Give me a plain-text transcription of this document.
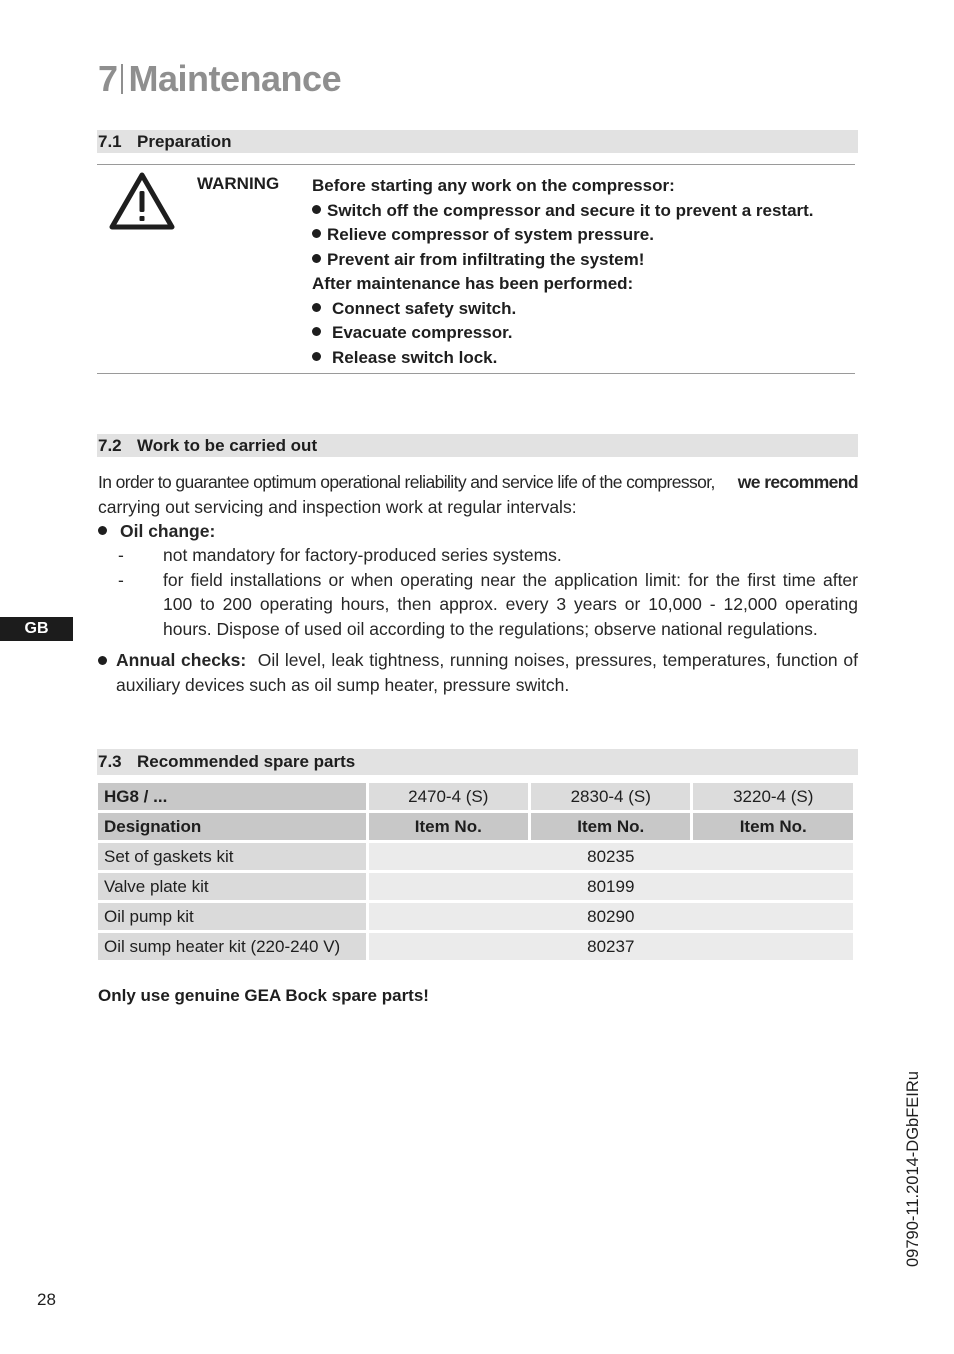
7 Maintenance
7.1 Preparation
WARNING Before starting any work on the compressor:
Switch off the compressor and secure it to prevent a restart.
Relieve compressor of system pressure.
Prevent air from infiltrating the system!
After maintenance has been performed:
Connect safety switch.
Evacuate compressor.
Release switch lock.
7.2 Work to be carried out
In order to guarantee optimum operational reliability and service life of the compressor, we recommend
carrying out servicing and inspection work at regular intervals:
Oil change:
- not mandatory for factory-produced series systems.
- for field installations or when operating near the application limit: for the first time after 100 to 200 operating hours, then approx. every 3 years or 10,000 - 12,000 operating hours. Dispose of used oil according to the regulations; observe national regulations.
GB
Annual checks: Oil level, leak tightness, running noises, pressures, temperatures, function of auxiliary devices such as oil sump heater, pressure switch.
7.3 Recommended spare parts
HG8 / ...	2470-4 (S)	2830-4 (S)	3220-4 (S)
Designation	Item No.	Item No.	Item No.
Set of gaskets kit	80235		
Valve plate kit	80199		
Oil pump kit	80290		
Oil sump heater kit (220-240 V)	80237		
Only use genuine GEA Bock spare parts!
28
09790-11.2014-DGbFEIRu
